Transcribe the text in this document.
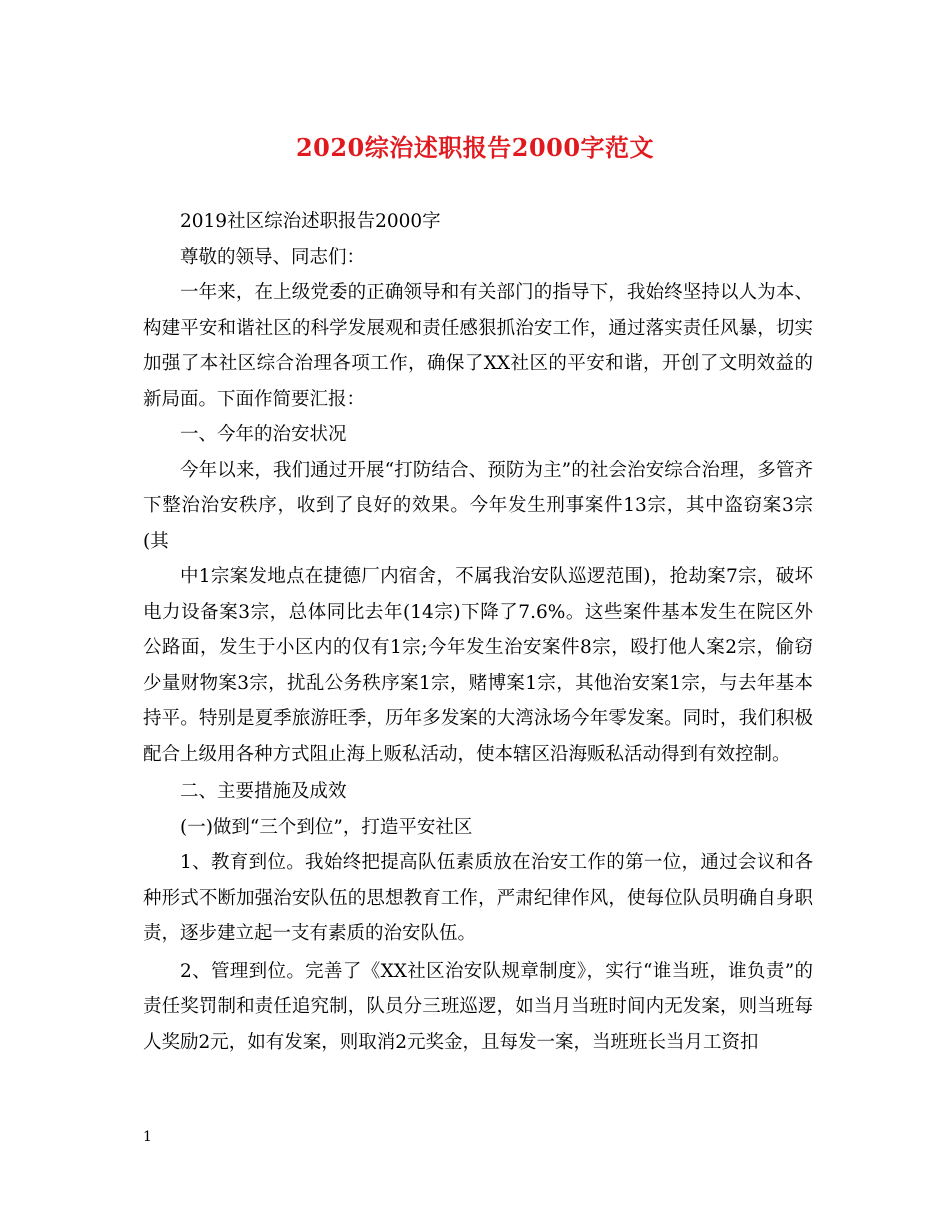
2020综治述职报告2000字范文

2019社区综治述职报告2000字

尊敬的领导、同志们：

一年来，在上级党委的正确领导和有关部门的指导下，我始终坚持以人为本、构建平安和谐社区的科学发展观和责任感狠抓治安工作，通过落实责任风暴，切实加强了本社区综合治理各项工作，确保了XX社区的平安和谐，开创了文明效益的新局面。下面作简要汇报：

一、今年的治安状况

今年以来，我们通过开展“打防结合、预防为主”的社会治安综合治理，多管齐下整治治安秩序，收到了良好的效果。今年发生刑事案件13宗，其中盗窃案3宗(其

中1宗案发地点在捷德厂内宿舍，不属我治安队巡逻范围)，抢劫案7宗，破坏电力设备案3宗，总体同比去年(14宗)下降了7.6%。这些案件基本发生在院区外公路面，发生于小区内的仅有1宗;今年发生治安案件8宗，殴打他人案2宗，偷窃少量财物案3宗，扰乱公务秩序案1宗，赌博案1宗，其他治安案1宗，与去年基本持平。特别是夏季旅游旺季，历年多发案的大湾泳场今年零发案。同时，我们积极配合上级用各种方式阻止海上贩私活动，使本辖区沿海贩私活动得到有效控制。

二、主要措施及成效

(一)做到“三个到位”，打造平安社区

1、教育到位。我始终把提高队伍素质放在治安工作的第一位，通过会议和各种形式不断加强治安队伍的思想教育工作，严肃纪律作风，使每位队员明确自身职责，逐步建立起一支有素质的治安队伍。

2、管理到位。完善了《XX社区治安队规章制度》，实行“谁当班，谁负责”的责任奖罚制和责任追究制，队员分三班巡逻，如当月当班时间内无发案，则当班每人奖励2元，如有发案，则取消2元奖金，且每发一案，当班班长当月工资扣

1
